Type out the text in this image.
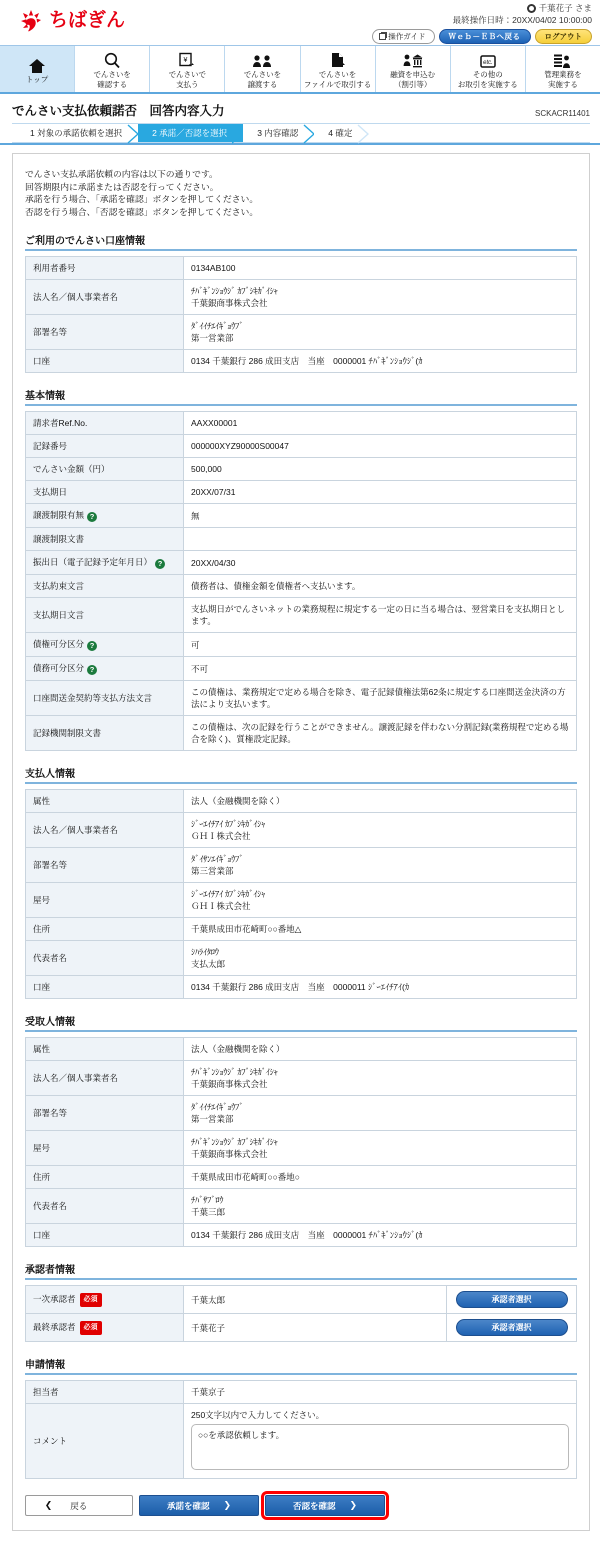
ちばぎん
千葉花子 さま
最終操作日時：20XX/04/02 10:00:00
操作ガイド	Ｗｅｂ－ＥＢへ戻る	ログアウト
トップ
でんさいを
確認する
¥
でんさいで
支払う
でんさいを
譲渡する
でんさいを
ファイルで取引する
融資を申込む
（割引等）
etc.
その他の
お取引を実施する
管理業務を
実施する
でんさい支払依頼諾否　回答内容入力	SCKACR11401
1 対象の承諾依頼を選択	2 承諾／否認を選択	3 内容確認	4 確定
でんさい支払承諾依頼の内容は以下の通りです。
回答期限内に承諾または否認を行ってください。
承諾を行う場合、「承諾を確認」ボタンを押してください。
否認を行う場合、「否認を確認」ボタンを押してください。
ご利用のでんさい口座情報
利用者番号	0134AB100
法人名／個人事業者名	ﾁﾊﾞｷﾞﾝｼｮｳｼﾞ ｶﾌﾞｼｷｶﾞｲｼｬ
千葉銀商事株式会社
部署名等	ﾀﾞｲｲﾁｴｲｷﾞｮｳﾌﾞ
第一営業部
口座	0134 千葉銀行 286 成田支店　当座　0000001 ﾁﾊﾞｷﾞﾝｼｮｳｼﾞ(ｶ
基本情報
請求者Ref.No.	AAXX00001
記録番号	000000XYZ90000S00047
でんさい金額（円）	500,000
支払期日	20XX/07/31
譲渡制限有無 ?	無
譲渡制限文書	
振出日（電子記録予定年月日） ?	20XX/04/30
支払約束文言	債務者は、債権金額を債権者へ支払います。
支払期日文言	支払期日がでんさいネットの業務規程に規定する一定の日に当る場合は、翌営業日を支払期日とします。
債権可分区分 ?	可
債務可分区分 ?	不可
口座間送金契約等支払方法文言	この債権は、業務規定で定める場合を除き、電子記録債権法第62条に規定する口座間送金決済の方法により支払います。
記録機関制限文書	この債権は、次の記録を行うことができません。譲渡記録を伴わない分割記録(業務規程で定める場合を除く)、質権設定記録。
支払人情報
属性	法人（金融機関を除く）
法人名／個人事業者名	ｼﾞｰｴｲﾁｱｲ ｶﾌﾞｼｷｶﾞｲｼｬ
ＧＨＩ株式会社
部署名等	ﾀﾞｲｻﾝｴｲｷﾞｮｳﾌﾞ
第三営業部
屋号	ｼﾞｰｴｲﾁｱｲ ｶﾌﾞｼｷｶﾞｲｼｬ
ＧＨＩ株式会社
住所	千葉県成田市花崎町○○番地△
代表者名	ｼﾊﾗｲﾀﾛｳ
支払太郎
口座	0134 千葉銀行 286 成田支店　当座　0000011 ｼﾞｰｴｲﾁｱｲ(ｶ
受取人情報
属性	法人（金融機関を除く）
法人名／個人事業者名	ﾁﾊﾞｷﾞﾝｼｮｳｼﾞ ｶﾌﾞｼｷｶﾞｲｼｬ
千葉銀商事株式会社
部署名等	ﾀﾞｲｲﾁｴｲｷﾞｮｳﾌﾞ
第一営業部
屋号	ﾁﾊﾞｷﾞﾝｼｮｳｼﾞ ｶﾌﾞｼｷｶﾞｲｼｬ
千葉銀商事株式会社
住所	千葉県成田市花崎町○○番地○
代表者名	ﾁﾊﾞｻﾌﾞﾛｳ
千葉三郎
口座	0134 千葉銀行 286 成田支店　当座　0000001 ﾁﾊﾞｷﾞﾝｼｮｳｼﾞ(ｶ
承認者情報
一次承認者 必須	千葉太郎	承認者選択
最終承認者 必須	千葉花子	承認者選択
申請情報
担当者	千葉京子
コメント	250文字以内で入力してください。
○○を承認依頼します。
❮ 戻る	承諾を確認 ❯	否認を確認 ❯
